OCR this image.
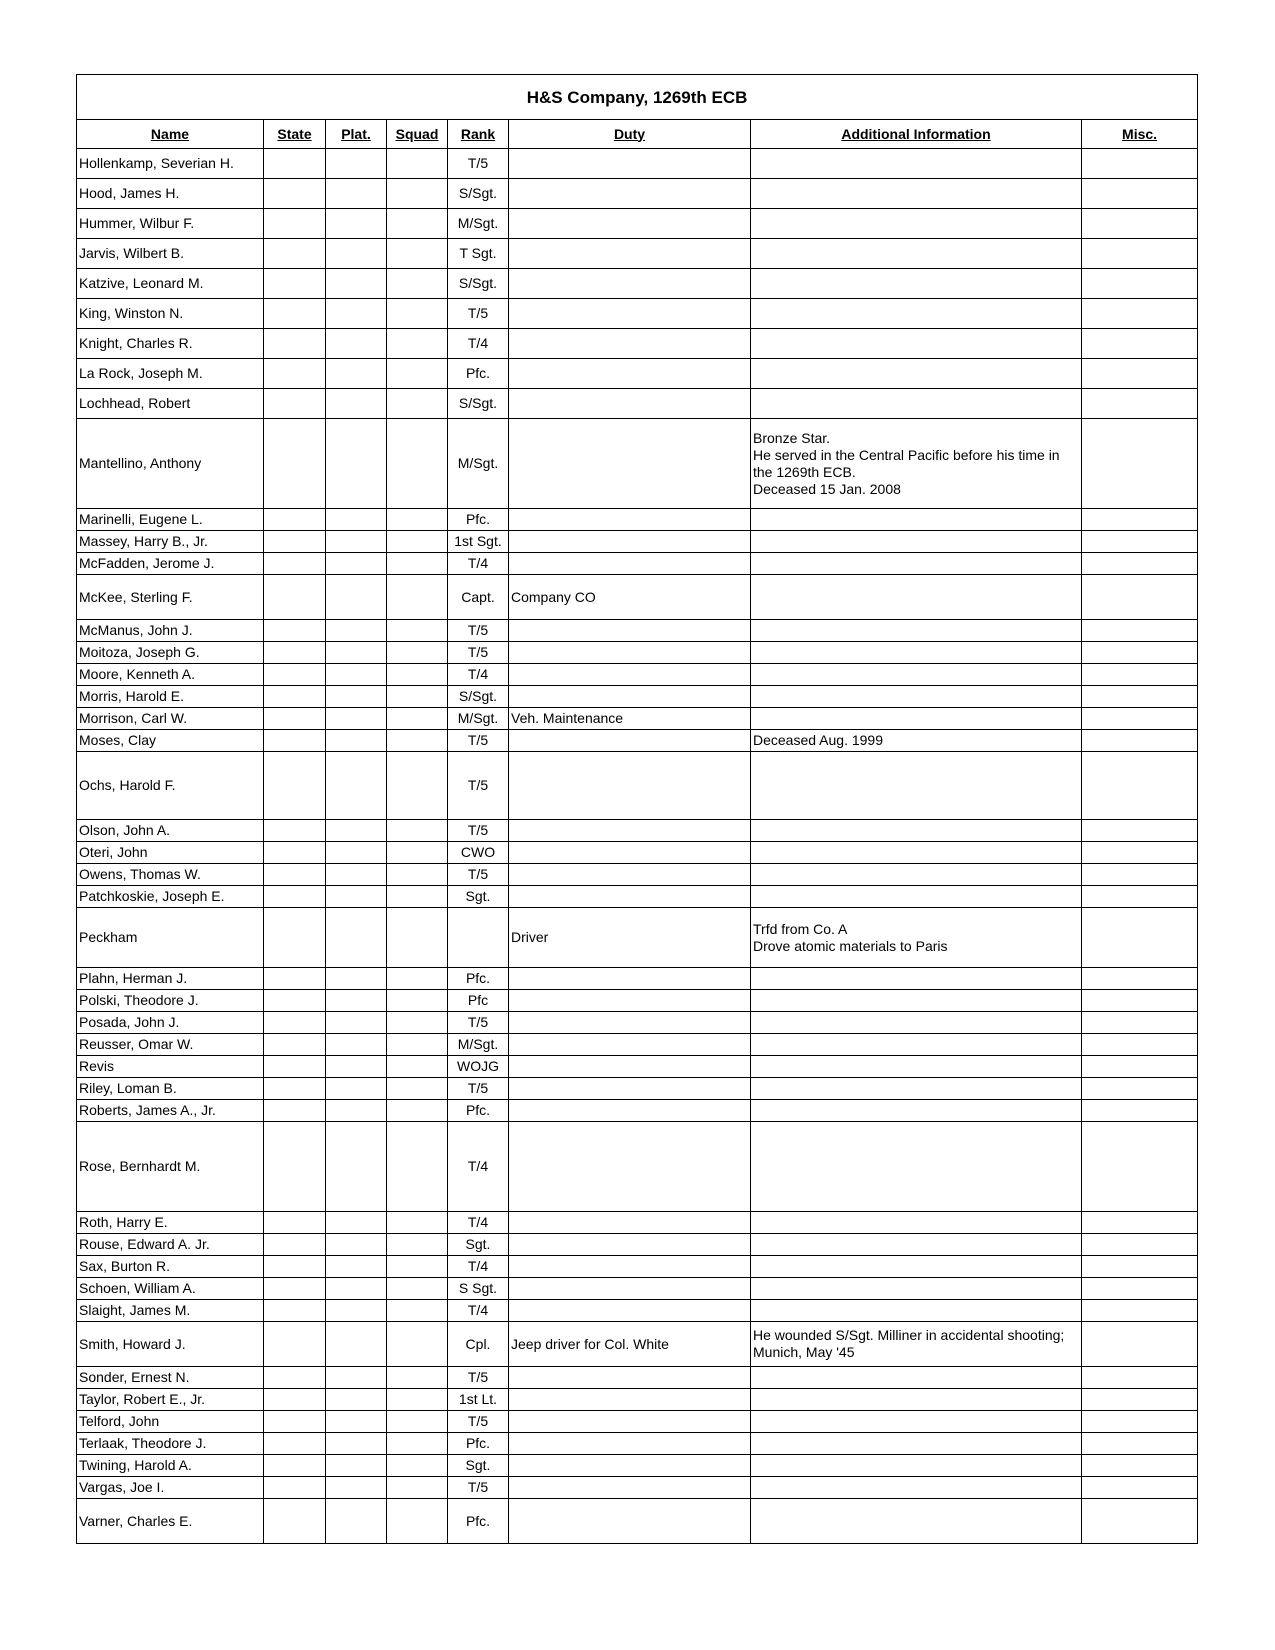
H&S Company, 1269th ECB							
Name	State	Plat.	Squad	Rank	Duty	Additional Information	Misc.
Hollenkamp, Severian H.				T/5			
Hood, James H.				S/Sgt.			
Hummer, Wilbur F.				M/Sgt.			
Jarvis, Wilbert B.				T Sgt.			
Katzive, Leonard M.				S/Sgt.			
King, Winston N.				T/5			
Knight, Charles R.				T/4			
La Rock, Joseph M.				Pfc.			
Lochhead, Robert				S/Sgt.			
Mantellino, Anthony				M/Sgt.		Bronze Star.
He served in the Central Pacific before his time in the 1269th ECB.
Deceased 15 Jan. 2008	
Marinelli, Eugene L.				Pfc.			
Massey, Harry B., Jr.				1st Sgt.			
McFadden, Jerome J.				T/4			
McKee, Sterling F.				Capt.	Company CO		
McManus, John J.				T/5			
Moitoza, Joseph G.				T/5			
Moore, Kenneth A.				T/4			
Morris, Harold E.				S/Sgt.			
Morrison, Carl W.				M/Sgt.	Veh. Maintenance		
Moses, Clay				T/5		Deceased Aug. 1999	
Ochs, Harold F.				T/5			
Olson, John A.				T/5			
Oteri, John				CWO			
Owens, Thomas W.				T/5			
Patchkoskie, Joseph E.				Sgt.			
Peckham					Driver	Trfd from Co. A
Drove atomic materials to Paris	
Plahn, Herman J.				Pfc.			
Polski, Theodore J.				Pfc			
Posada, John J.				T/5			
Reusser, Omar W.				M/Sgt.			
Revis				WOJG			
Riley, Loman B.				T/5			
Roberts, James A., Jr.				Pfc.			
Rose, Bernhardt M.				T/4			
Roth, Harry E.				T/4			
Rouse, Edward A. Jr.				Sgt.			
Sax, Burton R.				T/4			
Schoen, William A.				S Sgt.			
Slaight, James M.				T/4			
Smith, Howard J.				Cpl.	Jeep driver for Col. White	He wounded S/Sgt. Milliner in accidental shooting; Munich, May '45	
Sonder, Ernest N.				T/5			
Taylor, Robert E., Jr.				1st Lt.			
Telford, John				T/5			
Terlaak, Theodore J.				Pfc.			
Twining, Harold A.				Sgt.			
Vargas, Joe I.				T/5			
Varner, Charles E.				Pfc.			
